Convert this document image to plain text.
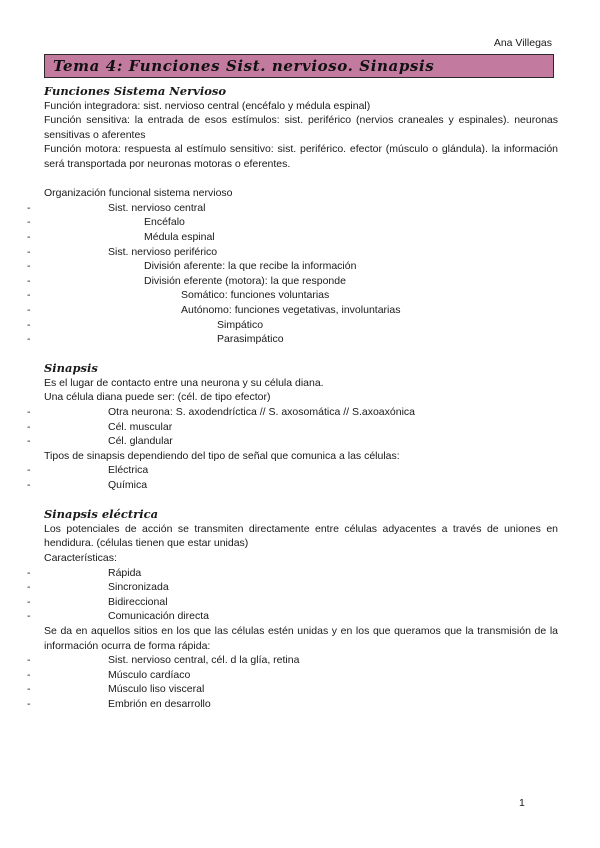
Ana Villegas
Tema 4: Funciones Sist. nervioso. Sinapsis

Funciones Sistema Nervioso

Función integradora: sist. nervioso central (encéfalo y médula espinal)

Función sensitiva: la entrada de esos estímulos: sist. periférico (nervios craneales y espinales). neuronas sensitivas o aferentes

Función motora: respuesta al estímulo sensitivo: sist. periférico. efector (músculo o glándula). la información será transportada por neuronas motoras o eferentes.

Organización funcional sistema nervioso

- Sist. nervioso central
- Encéfalo
- Médula espinal
- Sist. nervioso periférico
- División aferente: la que recibe la información
- División eferente (motora): la que responde
- Somático: funciones voluntarias
- Autónomo: funciones vegetativas, involuntarias
- Simpático
- Parasimpático

Sinapsis

Es el lugar de contacto entre una neurona y su célula diana.

Una célula diana puede ser: (cél. de tipo efector)

- Otra neurona: S. axodendríctica // S. axosomática // S.axoaxónica
- Cél. muscular
- Cél. glandular

Tipos de sinapsis dependiendo del tipo de señal que comunica a las células:

- Eléctrica
- Química

Sinapsis eléctrica

Los potenciales de acción se transmiten directamente entre células adyacentes a través de uniones en hendidura. (células tienen que estar unidas)

Características:

- Rápida
- Sincronizada
- Bidireccional
- Comunicación directa

Se da en aquellos sitios en los que las células estén unidas y en los que queramos que la transmisión de la información ocurra de forma rápida:

- Sist. nervioso central, cél. d la glía, retina
- Músculo cardíaco
- Músculo liso visceral
- Embrión en desarrollo
1
